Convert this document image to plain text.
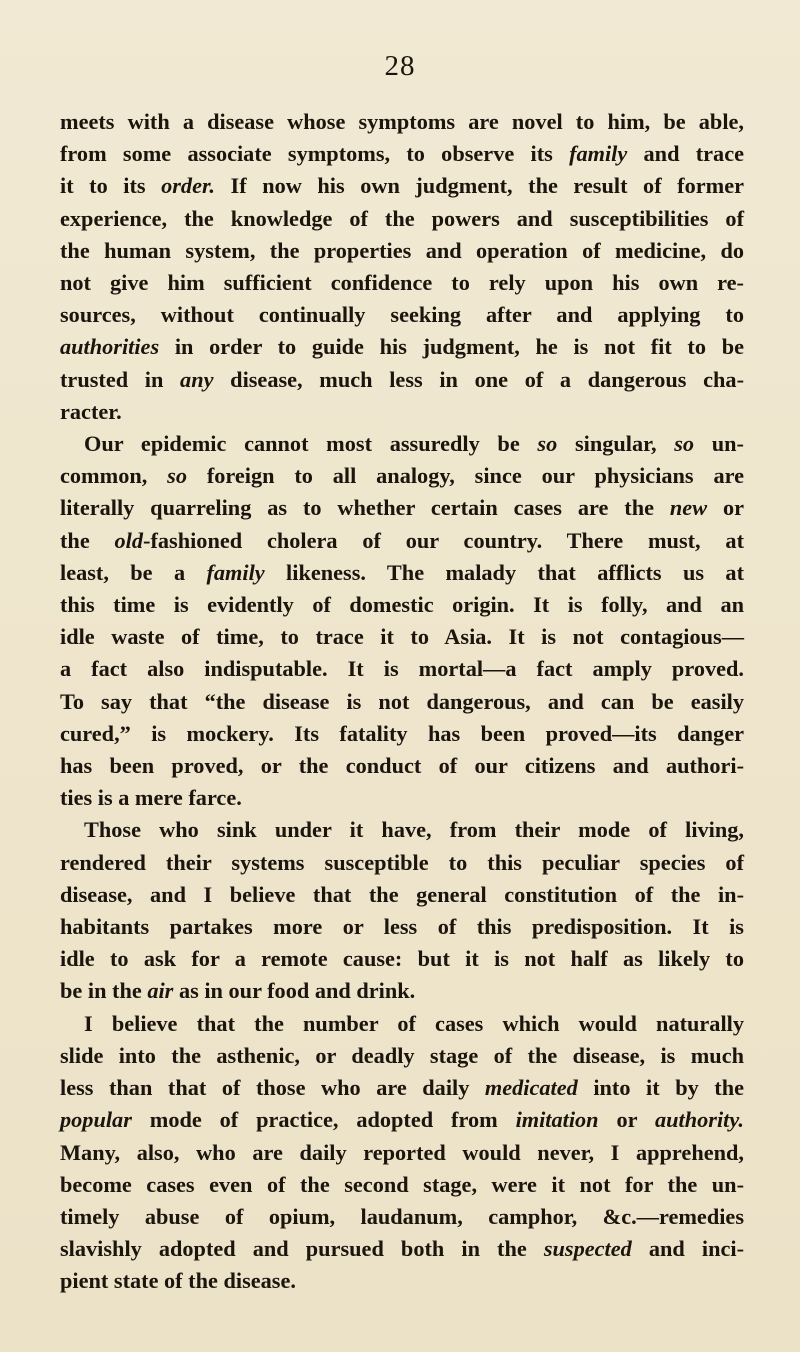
28
meets with a disease whose symptoms are novel to him, be able,
from some associate symptoms, to observe its family and trace
it to its order. If now his own judgment, the result of former
experience, the knowledge of the powers and susceptibilities of
the human system, the properties and operation of medicine, do
not give him sufficient confidence to rely upon his own re-
sources, without continually seeking after and applying to
authorities in order to guide his judgment, he is not fit to be
trusted in any disease, much less in one of a dangerous cha-
racter.
Our epidemic cannot most assuredly be so singular, so un-
common, so foreign to all analogy, since our physicians are
literally quarreling as to whether certain cases are the new or
the old-fashioned cholera of our country. There must, at
least, be a family likeness. The malady that afflicts us at
this time is evidently of domestic origin. It is folly, and an
idle waste of time, to trace it to Asia. It is not contagious—
a fact also indisputable. It is mortal—a fact amply proved.
To say that “the disease is not dangerous, and can be easily
cured,” is mockery. Its fatality has been proved—its danger
has been proved, or the conduct of our citizens and authori-
ties is a mere farce.
Those who sink under it have, from their mode of living,
rendered their systems susceptible to this peculiar species of
disease, and I believe that the general constitution of the in-
habitants partakes more or less of this predisposition. It is
idle to ask for a remote cause: but it is not half as likely to
be in the air as in our food and drink.
I believe that the number of cases which would naturally
slide into the asthenic, or deadly stage of the disease, is much
less than that of those who are daily medicated into it by the
popular mode of practice, adopted from imitation or authority.
Many, also, who are daily reported would never, I apprehend,
become cases even of the second stage, were it not for the un-
timely abuse of opium, laudanum, camphor, &c.—remedies
slavishly adopted and pursued both in the suspected and inci-
pient state of the disease.
